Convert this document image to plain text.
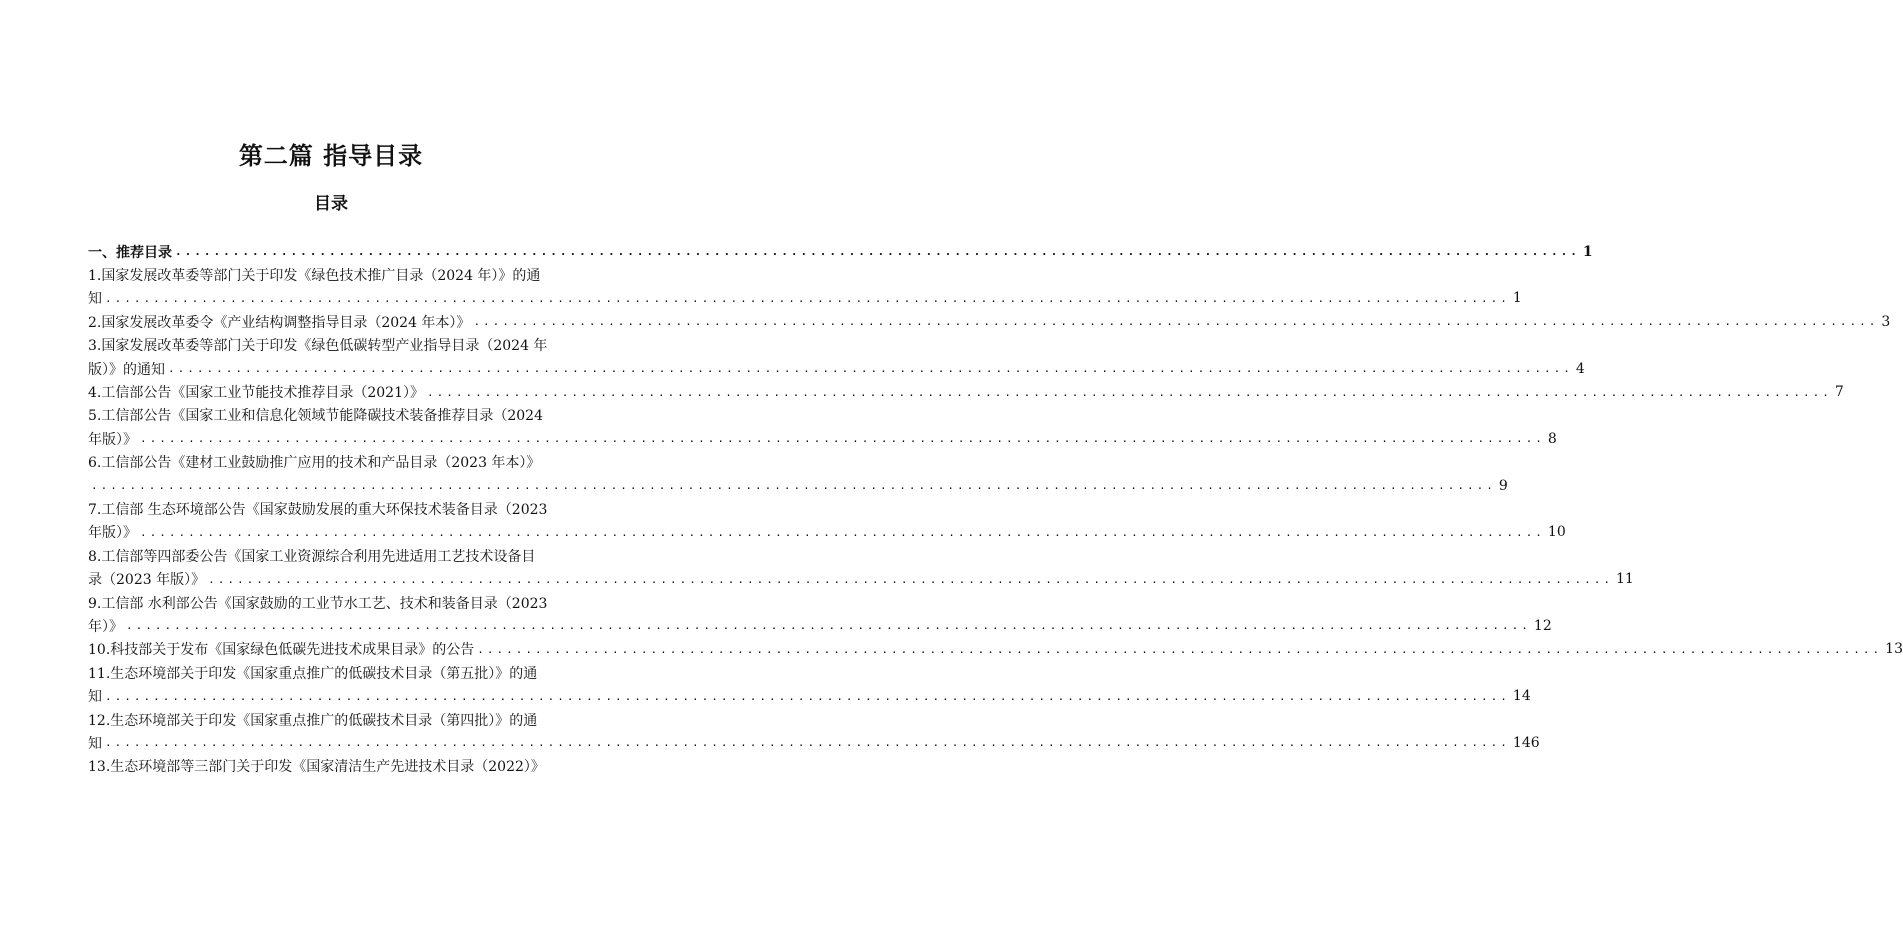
第二篇 指导目录
目录
一、推荐目录 .................................................................................................................................................. 1
1.国家发展改革委等部门关于印发《绿色技术推广目录（2024 年）》的通
知 .................................................................................................................................................. 1
2.国家发展改革委令《产业结构调整指导目录（2024 年本）》 .................................................................................................................................................. 3
3.国家发展改革委等部门关于印发《绿色低碳转型产业指导目录（2024 年
版）》的通知 .................................................................................................................................................. 4
4.工信部公告《国家工业节能技术推荐目录（2021）》 .................................................................................................................................................. 7
5.工信部公告《国家工业和信息化领域节能降碳技术装备推荐目录（2024
年版）》 .................................................................................................................................................. 8
6.工信部公告《建材工业鼓励推广应用的技术和产品目录（2023 年本）》
.................................................................................................................................................. 9
7.工信部 生态环境部公告《国家鼓励发展的重大环保技术装备目录（2023
年版）》 .................................................................................................................................................. 10
8.工信部等四部委公告《国家工业资源综合利用先进适用工艺技术设备目
录（2023 年版）》 .................................................................................................................................................. 11
9.工信部 水利部公告《国家鼓励的工业节水工艺、技术和装备目录（2023
年）》 .................................................................................................................................................. 12
10.科技部关于发布《国家绿色低碳先进技术成果目录》的公告 .................................................................................................................................................. 13
11.生态环境部关于印发《国家重点推广的低碳技术目录（第五批）》的通
知 .................................................................................................................................................. 14
12.生态环境部关于印发《国家重点推广的低碳技术目录（第四批）》的通
知 .................................................................................................................................................. 146
13.生态环境部等三部门关于印发《国家清洁生产先进技术目录（2022）》
